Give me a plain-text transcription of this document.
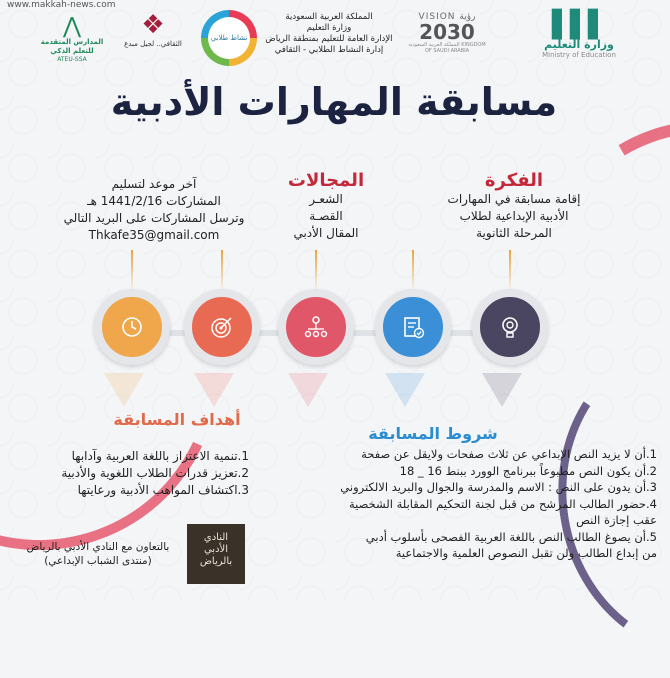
www.makkah-news.com
▌▌▌
وزارة التعليم
Ministry of Education
VISION رؤية
2030
المملكة العربية السعودية KINGDOM OF SAUDI ARABIA
المملكة العربية السعودية
وزارة التعليم
الإدارة العامة للتعليم بمنطقة الرياض
إدارة النشاط الطلابي - الثقافي
نشاط طلابي
❖
الثقافي.. لجيل مبدع
⋀
المدارس المتقدمة للتعلم الذكي
ATEU-SSA
مسابقة المهارات الأدبية
الفكرة
إقامة مسابقة في المهارات
الأدبية الإبداعية لطلاب
المرحلة الثانوية
المجالات
الشعـر
القصـة
المقال الأدبي
آخر موعد لتسليم
المشاركات 1441/2/16 هـ
وترسل المشاركات على البريد التالي
Thkafe35@gmail.com
شروط المسابقة
1.أن لا يزيد النص الإبداعي عن ثلاث صفحات ولايقل عن صفحة
2.أن يكون النص مطبوعاً ببرنامج الوورد ببنط 16 _ 18
3.أن يدون على النص : الاسم والمدرسة والجوال والبريد الالكتروني
4.حضور الطالب المرشح من قبل لجنة التحكيم المقابلة الشخصية
عقب إجازة النص
5.أن يصوغ الطالب النص باللغة العربية الفصحى بأسلوب أدبي
من إبداع الطالب ولن تقبل النصوص العلمية والاجتماعية
أهداف المسابقة
1.تنمية الاعتزاز باللغة العربية وآدابها
2.تعزيز قدرات الطلاب اللغوية والأدبية
3.اكتشاف المواهب الأدبية ورعايتها
النادي
الأدبي
بالرياض
بالتعاون مع النادي الأدبي بالرياض
(منتدى الشباب الإبداعي)
